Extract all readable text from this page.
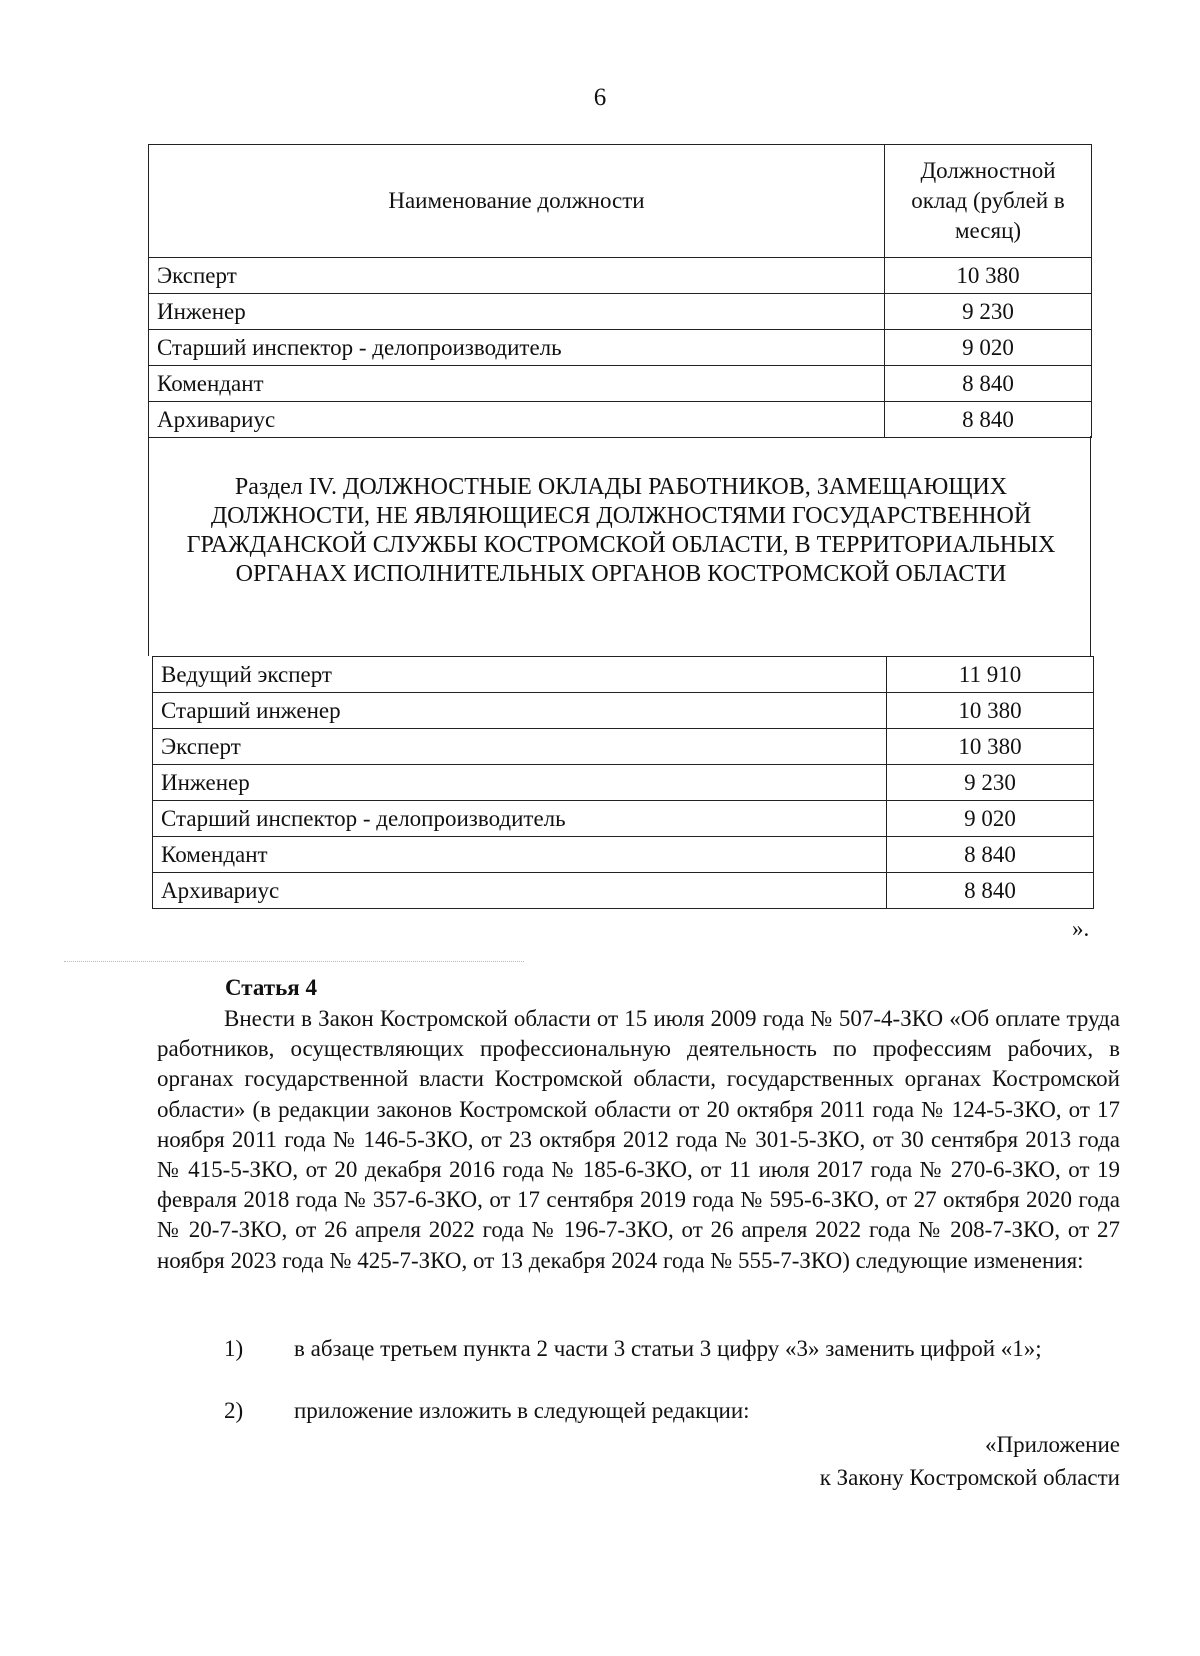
6
Наименование должности	Должностной оклад (рублей в месяц)
Эксперт	10 380
Инженер	9 230
Старший инспектор - делопроизводитель	9 020
Комендант	8 840
Архивариус	8 840
Раздел IV. ДОЛЖНОСТНЫЕ ОКЛАДЫ РАБОТНИКОВ, ЗАМЕЩАЮЩИХ ДОЛЖНОСТИ, НЕ ЯВЛЯЮЩИЕСЯ ДОЛЖНОСТЯМИ ГОСУДАРСТВЕННОЙ ГРАЖДАНСКОЙ СЛУЖБЫ КОСТРОМСКОЙ ОБЛАСТИ, В ТЕРРИТОРИАЛЬНЫХ ОРГАНАХ ИСПОЛНИТЕЛЬНЫХ ОРГАНОВ КОСТРОМСКОЙ ОБЛАСТИ
Ведущий эксперт	11 910
Старший инженер	10 380
Эксперт	10 380
Инженер	9 230
Старший инспектор - делопроизводитель	9 020
Комендант	8 840
Архивариус	8 840
».
Статья 4
Внести в Закон Костромской области от 15 июля 2009 года № 507-4-ЗКО «Об оплате труда работников, осуществляющих профессиональную деятельность по профессиям рабочих, в органах государственной власти Костромской области, государственных органах Костромской области» (в редакции законов Костромской области от 20 октября 2011 года № 124-5-ЗКО, от 17 ноября 2011 года № 146-5-ЗКО, от 23 октября 2012 года № 301-5-ЗКО, от 30 сентября 2013 года № 415-5-ЗКО, от 20 декабря 2016 года № 185-6-ЗКО, от 11 июля 2017 года № 270-6-ЗКО, от 19 февраля 2018 года № 357-6-ЗКО, от 17 сентября 2019 года № 595-6-ЗКО, от 27 октября 2020 года № 20-7-ЗКО, от 26 апреля 2022 года № 196-7-ЗКО, от 26 апреля 2022 года № 208-7-ЗКО, от 27 ноября 2023 года № 425-7-ЗКО, от 13 декабря 2024 года № 555-7-ЗКО) следующие изменения:
1) в абзаце третьем пункта 2 части 3 статьи 3 цифру «3» заменить цифрой «1»;
2) приложение изложить в следующей редакции:
«Приложение
к Закону Костромской области
